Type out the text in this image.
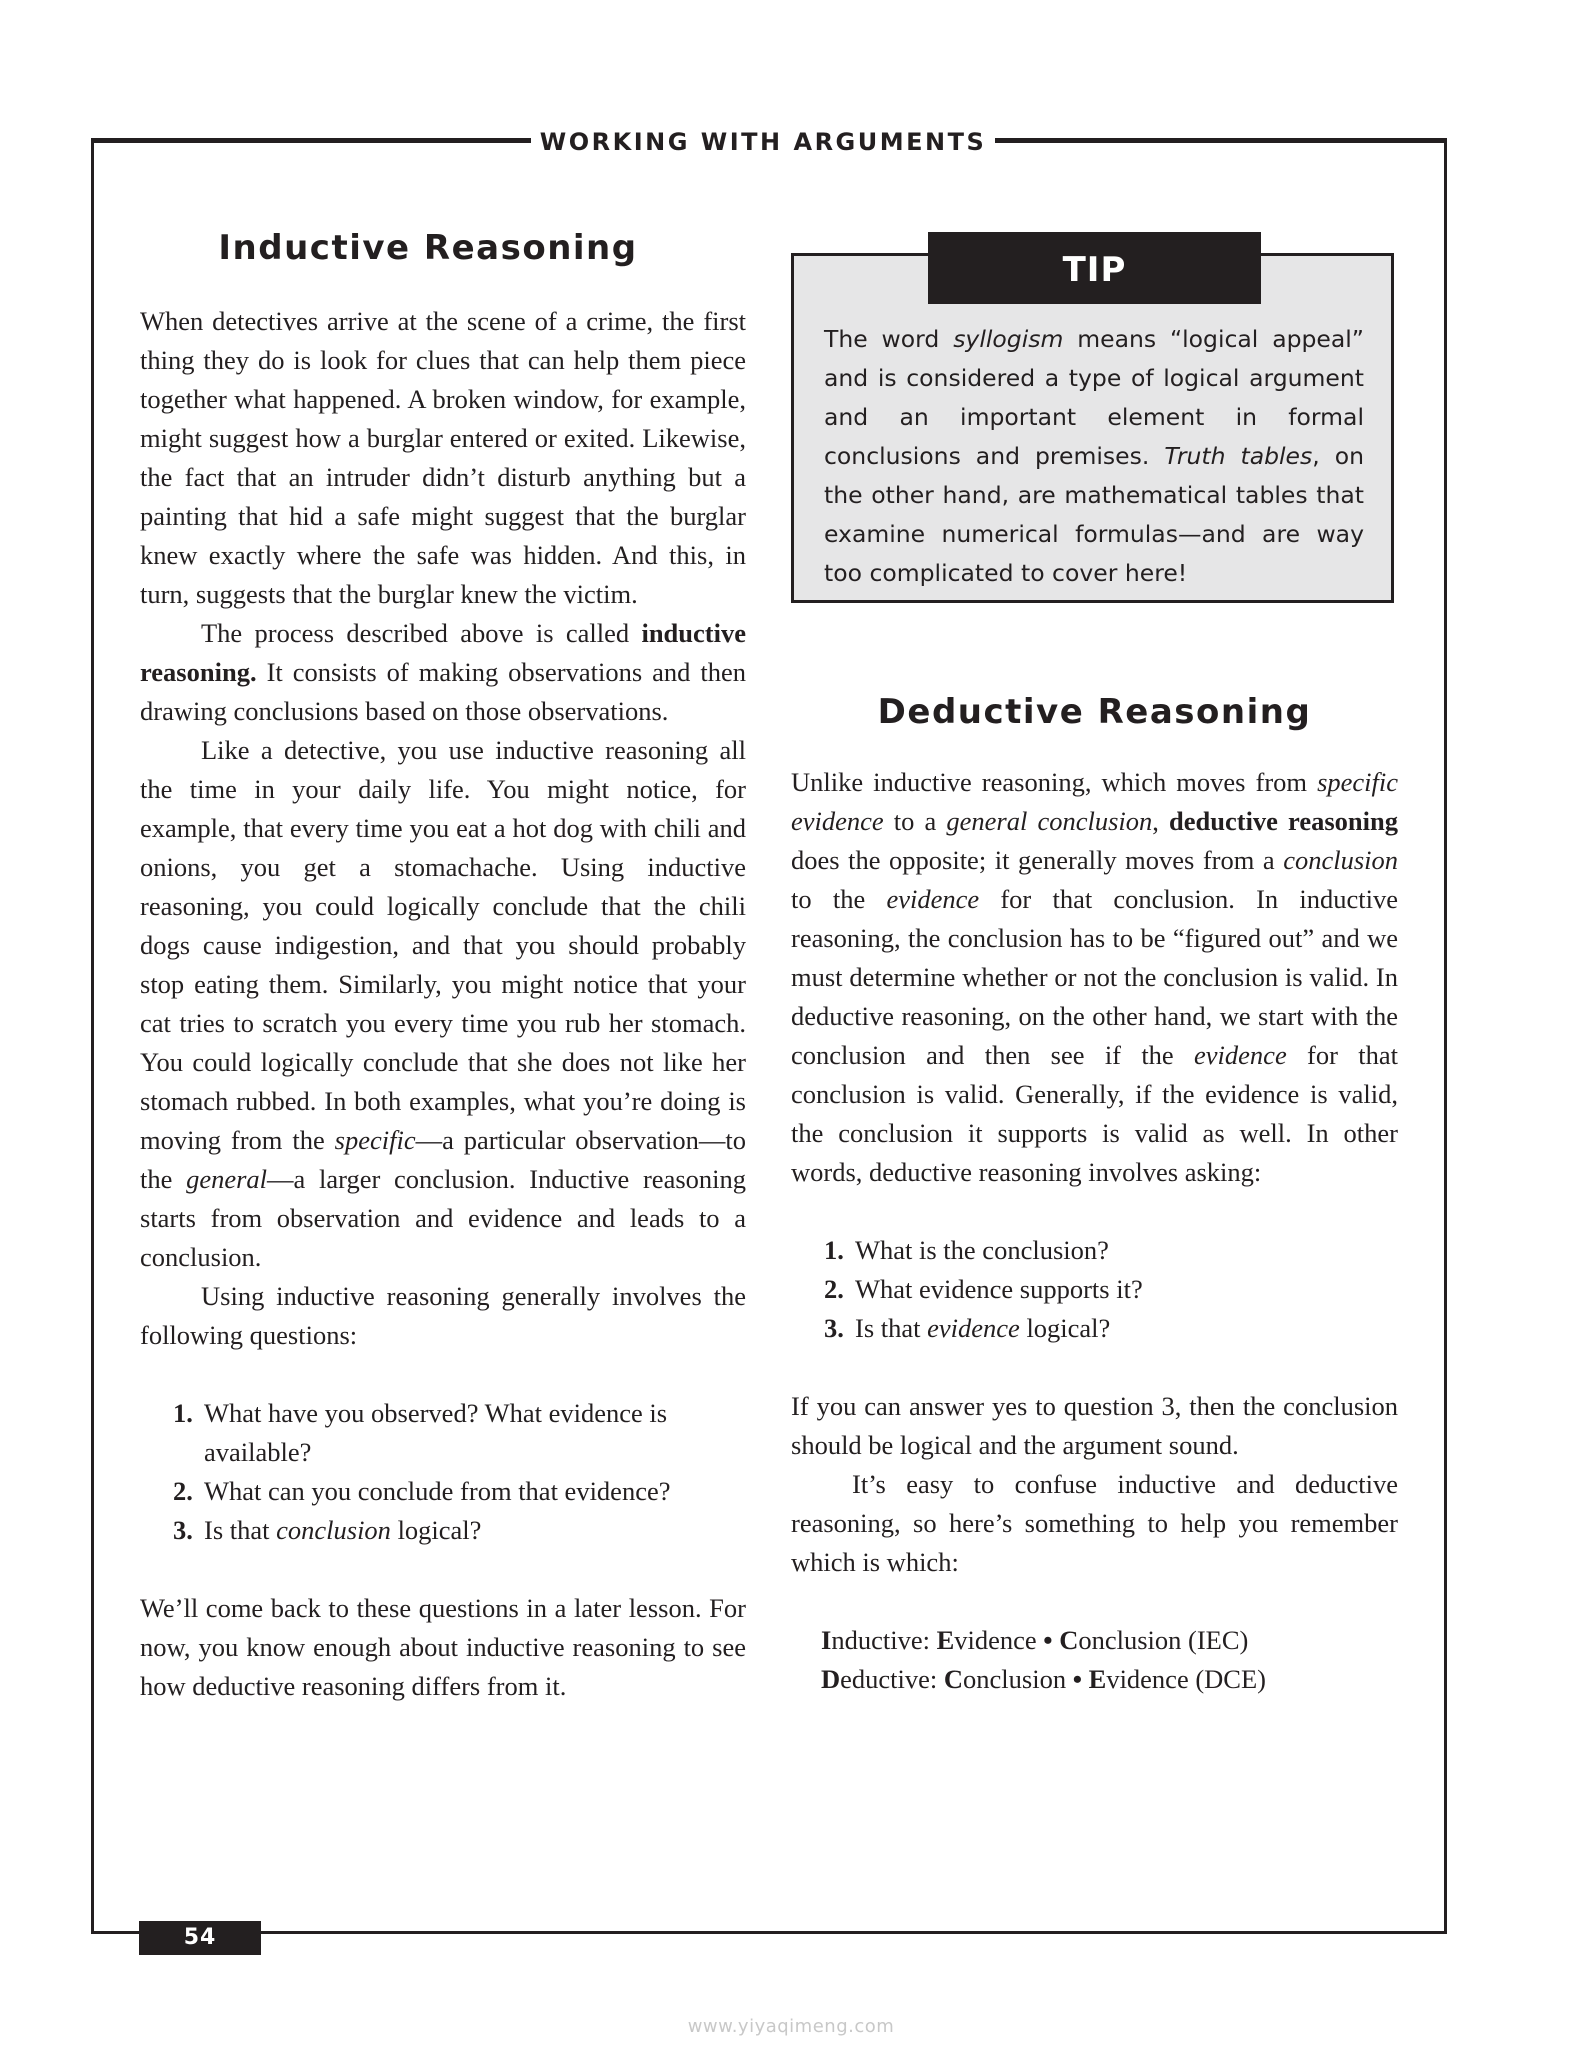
WORKING WITH ARGUMENTS
Inductive Reasoning

When detectives arrive at the scene of a crime, the first thing they do is look for clues that can help them piece together what happened. A broken window, for example, might suggest how a burglar entered or exited. Likewise, the fact that an intruder didn’t disturb anything but a painting that hid a safe might suggest that the burglar knew exactly where the safe was hidden. And this, in turn, suggests that the burglar knew the victim.

The process described above is called inductive reasoning. It consists of making observations and then drawing conclusions based on those observations.

Like a detective, you use inductive reasoning all the time in your daily life. You might notice, for example, that every time you eat a hot dog with chili and onions, you get a stomachache. Using inductive reasoning, you could logically conclude that the chili dogs cause indigestion, and that you should probably stop eating them. Similarly, you might notice that your cat tries to scratch you every time you rub her stomach. You could logically conclude that she does not like her stomach rubbed. In both examples, what you’re doing is moving from the specific—a particular observation—to the general—a larger conclusion. Inductive reasoning starts from observation and evidence and leads to a conclusion.

Using inductive reasoning generally involves the following questions:

1. What have you observed? What evidence is available?
2. What can you conclude from that evidence?
3. Is that conclusion logical?

We’ll come back to these questions in a later lesson. For now, you know enough about inductive reasoning to see how deductive reasoning differs from it.

TIP
The word syllogism means “logical appeal” and is considered a type of logical argument and an important element in formal conclusions and premises. Truth tables, on the other hand, are mathematical tables that examine numerical formulas—and are way too complicated to cover here!
Deductive Reasoning

Unlike inductive reasoning, which moves from specific evidence to a general conclusion, deductive reasoning does the opposite; it generally moves from a conclusion to the evidence for that conclusion. In inductive reasoning, the conclusion has to be “figured out” and we must determine whether or not the conclusion is valid. In deductive reasoning, on the other hand, we start with the conclusion and then see if the evidence for that conclusion is valid. Generally, if the evidence is valid, the conclusion it supports is valid as well. In other words, deductive reasoning involves asking:

1. What is the conclusion?
2. What evidence supports it?
3. Is that evidence logical?

If you can answer yes to question 3, then the conclusion should be logical and the argument sound.

It’s easy to confuse inductive and deductive reasoning, so here’s something to help you remember which is which:

Inductive: Evidence • Conclusion (IEC)
Deductive: Conclusion • Evidence (DCE)
54
www.yiyaqimeng.com
